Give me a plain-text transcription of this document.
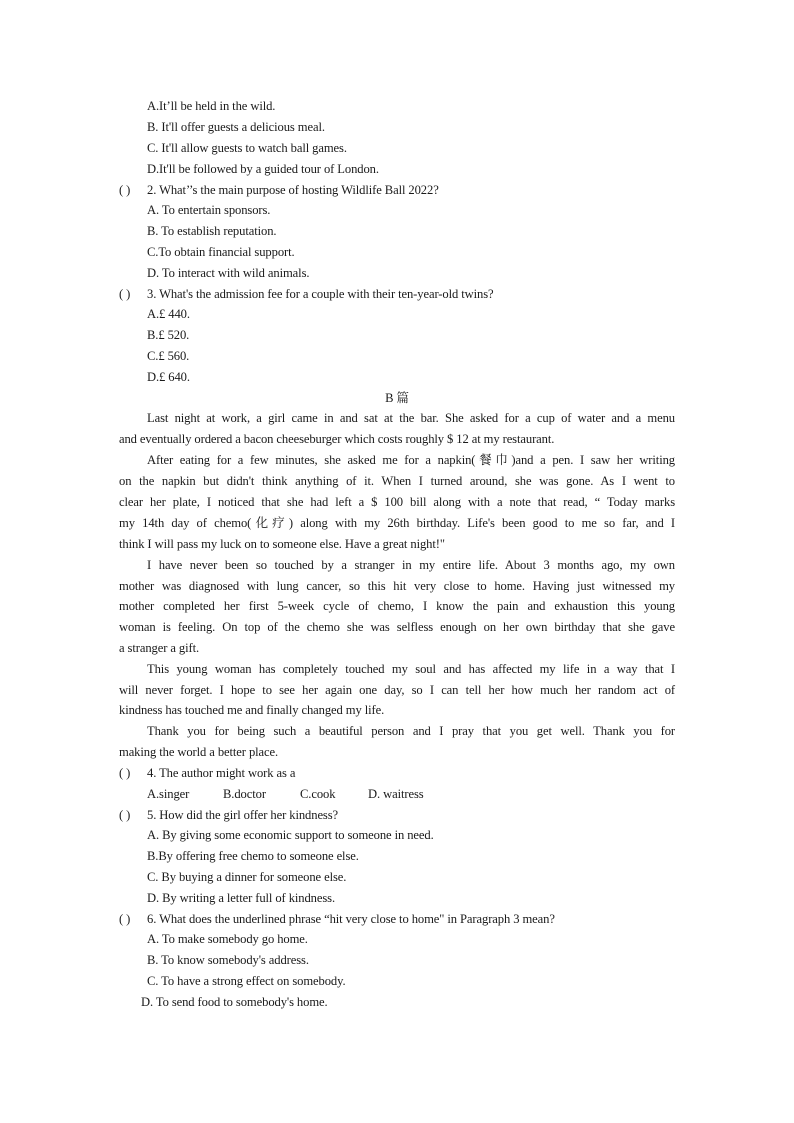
A.It’ll be held in the wild.
B. It'll offer guests a delicious meal.
C. It'll allow guests to watch ball games.
D.It'll be followed by a guided tour of London.
( ) 2. What’’s the main purpose of hosting Wildlife Ball 2022?
A. To entertain sponsors.
B. To establish reputation.
C.To obtain financial support.
D. To interact with wild animals.
( ) 3. What's the admission fee for a couple with their ten-year-old twins?
A.£ 440.
B.£ 520.
C.£ 560.
D.£ 640.
B 篇
Last night at work, a girl came in and sat at the bar. She asked for a cup of water and a menu
and eventually ordered a bacon cheeseburger which costs roughly $ 12 at my restaurant.
After eating for a few minutes, she asked me for a napkin(餐巾)and a pen. I saw her writing
on the napkin but didn't think anything of it. When I turned around, she was gone. As I went to
clear her plate, I noticed that she had left a $ 100 bill along with a note that read, “ Today marks
my 14th day of chemo(化疗) along with my 26th birthday. Life's been good to me so far, and I
think I will pass my luck on to someone else. Have a great night!"
I have never been so touched by a stranger in my entire life. About 3 months ago, my own
mother was diagnosed with lung cancer, so this hit very close to home. Having just witnessed my
mother completed her first 5-week cycle of chemo, I know the pain and exhaustion this young
woman is feeling. On top of the chemo she was selfless enough on her own birthday that she gave
a stranger a gift.
This young woman has completely touched my soul and has affected my life in a way that I
will never forget. I hope to see her again one day, so I can tell her how much her random act of
kindness has touched me and finally changed my life.
Thank you for being such a beautiful person and I pray that you get well. Thank you for
making the world a better place.
( ) 4. The author might work as a
A.singer	B.doctor	C.cook	D. waitress
( ) 5. How did the girl offer her kindness?
A. By giving some economic support to someone in need.
B.By offering free chemo to someone else.
C. By buying a dinner for someone else.
D. By writing a letter full of kindness.
( ) 6. What does the underlined phrase “hit very close to home" in Paragraph 3 mean?
A. To make somebody go home.
B. To know somebody's address.
C. To have a strong effect on somebody.
D. To send food to somebody's home.
